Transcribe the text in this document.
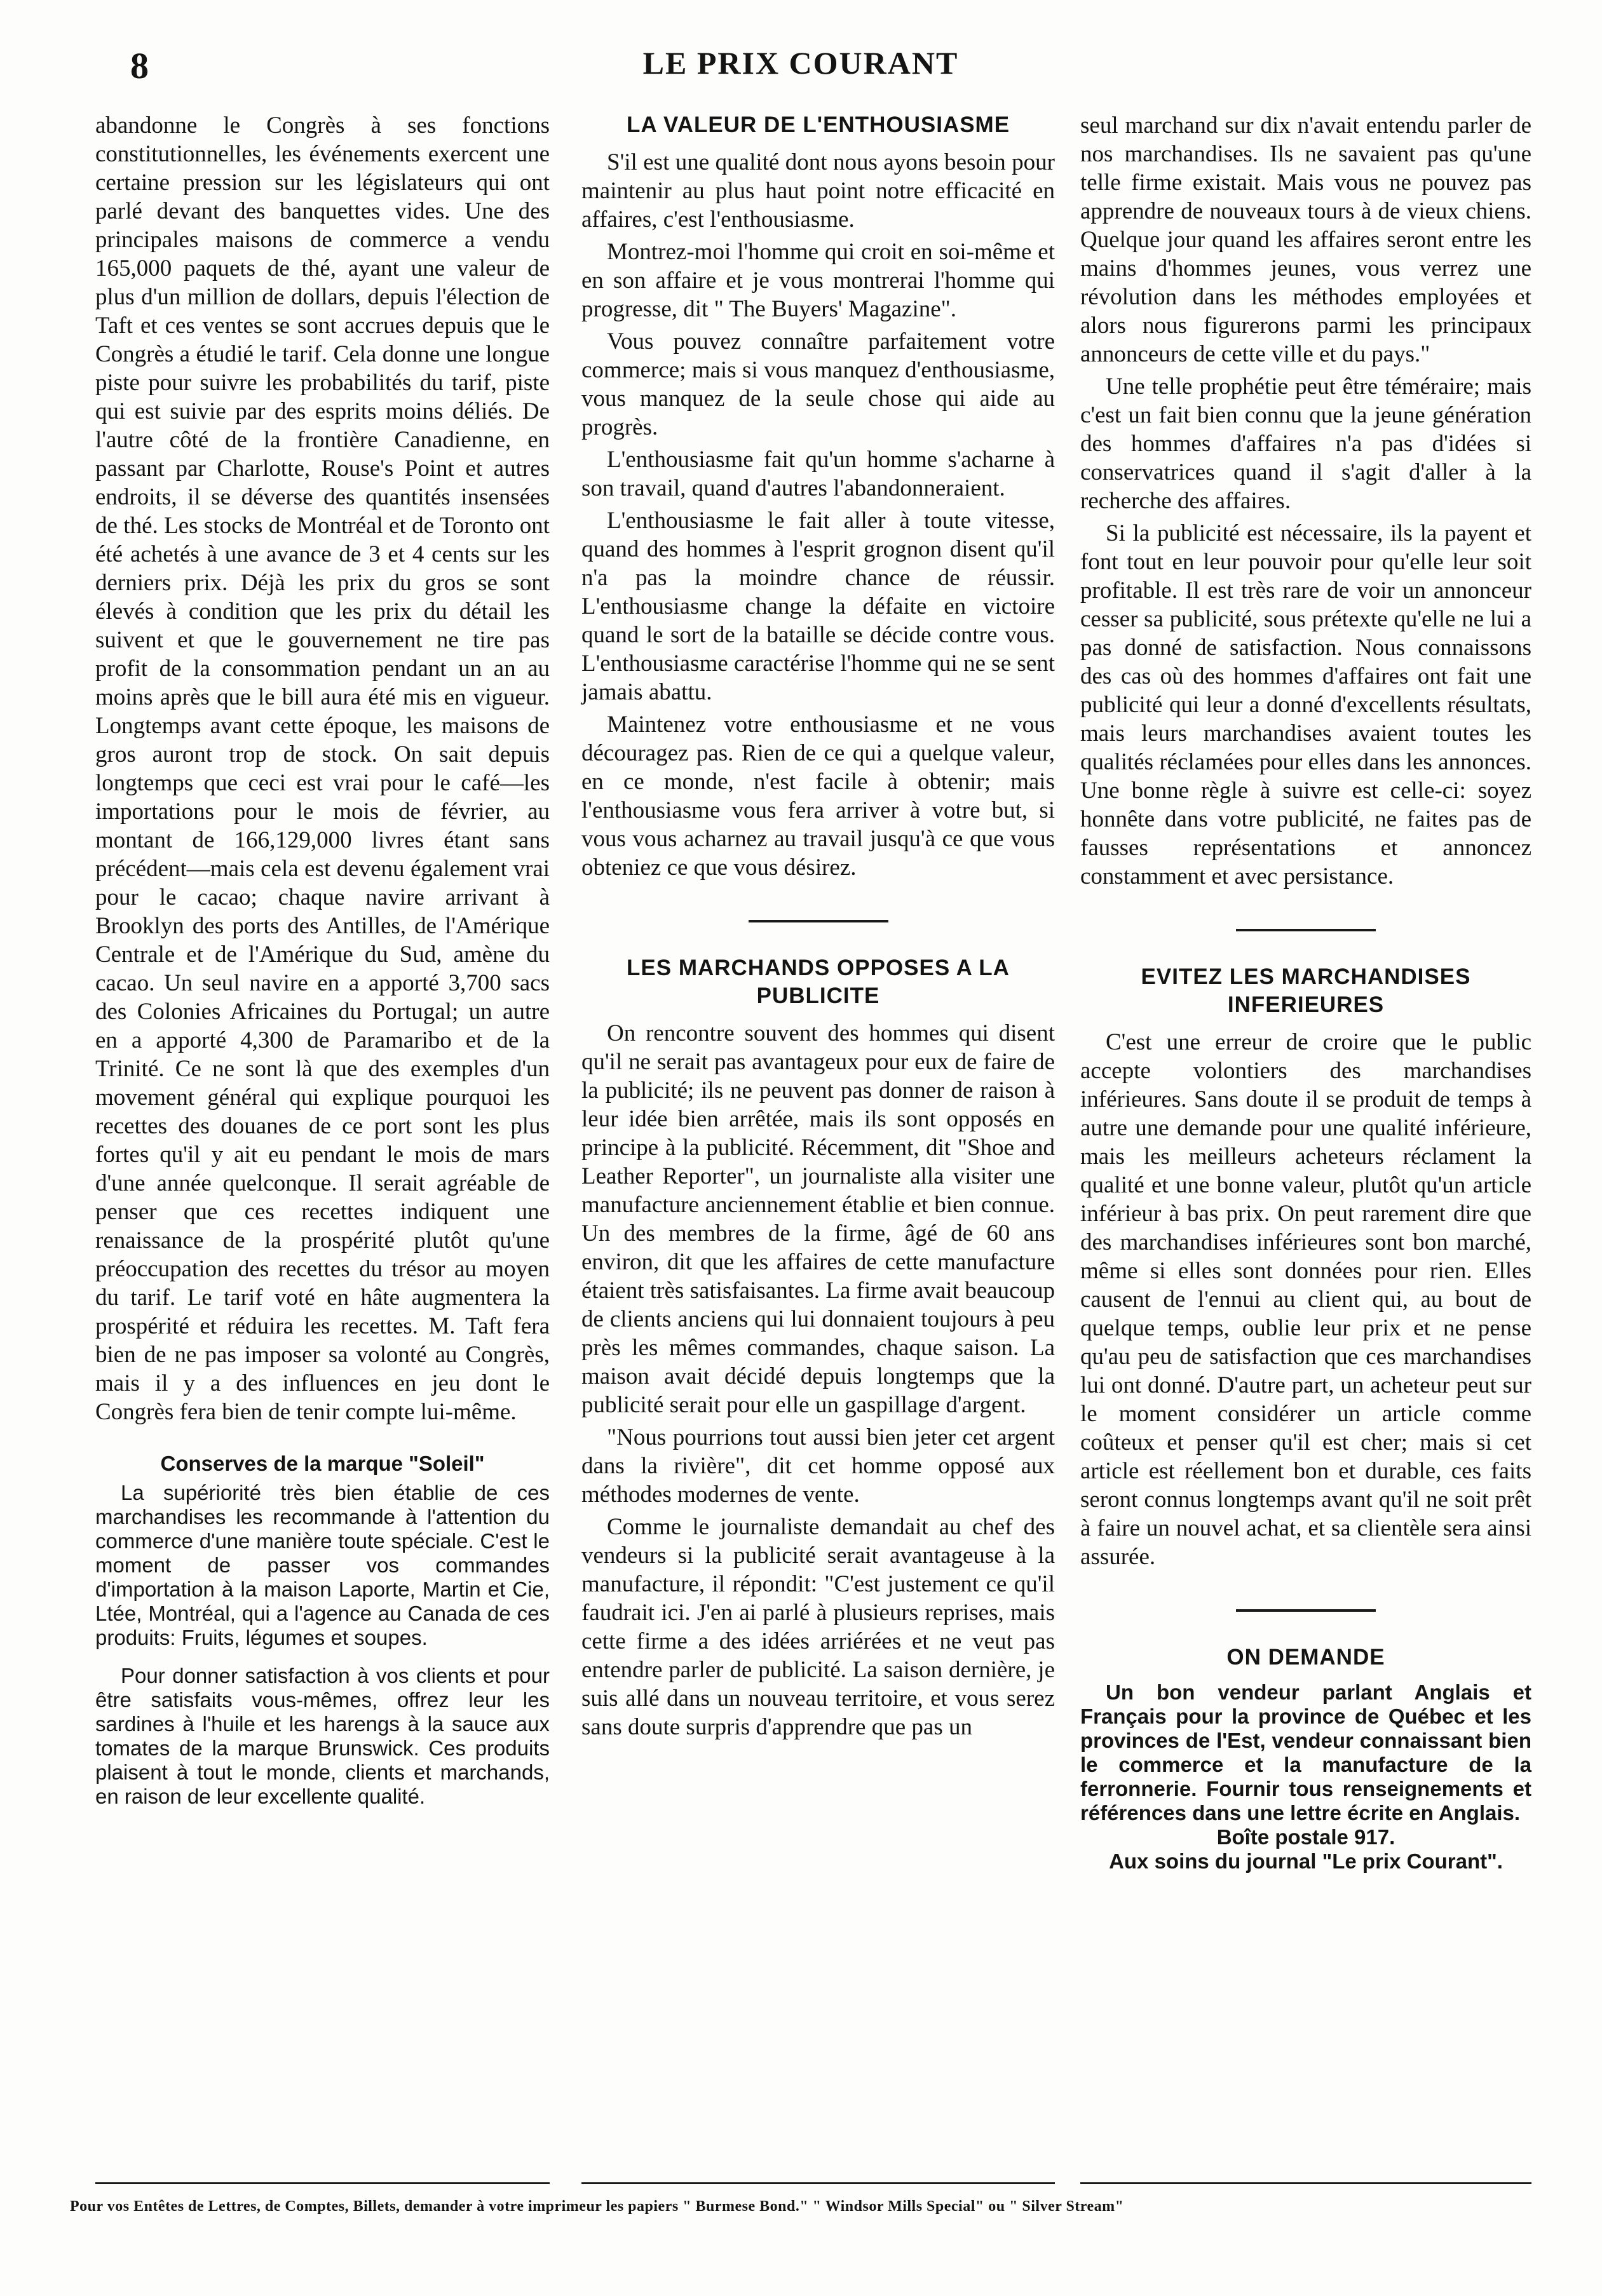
8	LE PRIX COURANT

abandonne le Congrès à ses fonctions constitutionnelles, les événements exercent une certaine pression sur les législateurs qui ont parlé devant des banquettes vides. Une des principales maisons de commerce a vendu 165,000 paquets de thé, ayant une valeur de plus d'un million de dollars, depuis l'élection de Taft et ces ventes se sont accrues depuis que le Congrès a étudié le tarif. Cela donne une longue piste pour suivre les probabilités du tarif, piste qui est suivie par des esprits moins déliés. De l'autre côté de la frontière Canadienne, en passant par Charlotte, Rouse's Point et autres endroits, il se déverse des quantités insensées de thé. Les stocks de Montréal et de Toronto ont été achetés à une avance de 3 et 4 cents sur les derniers prix. Déjà les prix du gros se sont élevés à condition que les prix du détail les suivent et que le gouvernement ne tire pas profit de la consommation pendant un an au moins après que le bill aura été mis en vigueur. Longtemps avant cette époque, les maisons de gros auront trop de stock. On sait depuis longtemps que ceci est vrai pour le café—les importations pour le mois de février, au montant de 166,129,000 livres étant sans précédent—mais cela est devenu également vrai pour le cacao; chaque navire arrivant à Brooklyn des ports des Antilles, de l'Amérique Centrale et de l'Amérique du Sud, amène du cacao. Un seul navire en a apporté 3,700 sacs des Colonies Africaines du Portugal; un autre en a apporté 4,300 de Paramaribo et de la Trinité. Ce ne sont là que des exemples d'un movement général qui explique pourquoi les recettes des douanes de ce port sont les plus fortes qu'il y ait eu pendant le mois de mars d'une année quelconque. Il serait agréable de penser que ces recettes indiquent une renaissance de la prospérité plutôt qu'une préoccupation des recettes du trésor au moyen du tarif. Le tarif voté en hâte augmentera la prospérité et réduira les recettes. M. Taft fera bien de ne pas imposer sa volonté au Congrès, mais il y a des influences en jeu dont le Congrès fera bien de tenir compte lui-même.

Conserves de la marque "Soleil"

La supériorité très bien établie de ces marchandises les recommande à l'attention du commerce d'une manière toute spéciale. C'est le moment de passer vos commandes d'importation à la maison Laporte, Martin et Cie, Ltée, Montréal, qui a l'agence au Canada de ces produits: Fruits, légumes et soupes.

Pour donner satisfaction à vos clients et pour être satisfaits vous-mêmes, offrez leur les sardines à l'huile et les harengs à la sauce aux tomates de la marque Brunswick. Ces produits plaisent à tout le monde, clients et marchands, en raison de leur excellente qualité.

LA VALEUR DE L'ENTHOUSIASME

S'il est une qualité dont nous ayons besoin pour maintenir au plus haut point notre efficacité en affaires, c'est l'enthousiasme.

Montrez-moi l'homme qui croit en soi-même et en son affaire et je vous montrerai l'homme qui progresse, dit " The Buyers' Magazine".

Vous pouvez connaître parfaitement votre commerce; mais si vous manquez d'enthousiasme, vous manquez de la seule chose qui aide au progrès.

L'enthousiasme fait qu'un homme s'acharne à son travail, quand d'autres l'abandonneraient.

L'enthousiasme le fait aller à toute vitesse, quand des hommes à l'esprit grognon disent qu'il n'a pas la moindre chance de réussir. L'enthousiasme change la défaite en victoire quand le sort de la bataille se décide contre vous. L'enthousiasme caractérise l'homme qui ne se sent jamais abattu.

Maintenez votre enthousiasme et ne vous découragez pas. Rien de ce qui a quelque valeur, en ce monde, n'est facile à obtenir; mais l'enthousiasme vous fera arriver à votre but, si vous vous acharnez au travail jusqu'à ce que vous obteniez ce que vous désirez.

LES MARCHANDS OPPOSES A LA PUBLICITE

On rencontre souvent des hommes qui disent qu'il ne serait pas avantageux pour eux de faire de la publicité; ils ne peuvent pas donner de raison à leur idée bien arrêtée, mais ils sont opposés en principe à la publicité. Récemment, dit "Shoe and Leather Reporter", un journaliste alla visiter une manufacture anciennement établie et bien connue. Un des membres de la firme, âgé de 60 ans environ, dit que les affaires de cette manufacture étaient très satisfaisantes. La firme avait beaucoup de clients anciens qui lui donnaient toujours à peu près les mêmes commandes, chaque saison. La maison avait décidé depuis longtemps que la publicité serait pour elle un gaspillage d'argent.

"Nous pourrions tout aussi bien jeter cet argent dans la rivière", dit cet homme opposé aux méthodes modernes de vente.

Comme le journaliste demandait au chef des vendeurs si la publicité serait avantageuse à la manufacture, il répondit: "C'est justement ce qu'il faudrait ici. J'en ai parlé à plusieurs reprises, mais cette firme a des idées arriérées et ne veut pas entendre parler de publicité. La saison dernière, je suis allé dans un nouveau territoire, et vous serez sans doute surpris d'apprendre que pas un

seul marchand sur dix n'avait entendu parler de nos marchandises. Ils ne savaient pas qu'une telle firme existait. Mais vous ne pouvez pas apprendre de nouveaux tours à de vieux chiens. Quelque jour quand les affaires seront entre les mains d'hommes jeunes, vous verrez une révolution dans les méthodes employées et alors nous figurerons parmi les principaux annonceurs de cette ville et du pays."

Une telle prophétie peut être téméraire; mais c'est un fait bien connu que la jeune génération des hommes d'affaires n'a pas d'idées si conservatrices quand il s'agit d'aller à la recherche des affaires.

Si la publicité est nécessaire, ils la payent et font tout en leur pouvoir pour qu'elle leur soit profitable. Il est très rare de voir un annonceur cesser sa publicité, sous prétexte qu'elle ne lui a pas donné de satisfaction. Nous connaissons des cas où des hommes d'affaires ont fait une publicité qui leur a donné d'excellents résultats, mais leurs marchandises avaient toutes les qualités réclamées pour elles dans les annonces. Une bonne règle à suivre est celle-ci: soyez honnête dans votre publicité, ne faites pas de fausses représentations et annoncez constamment et avec persistance.

EVITEZ LES MARCHANDISES INFERIEURES

C'est une erreur de croire que le public accepte volontiers des marchandises inférieures. Sans doute il se produit de temps à autre une demande pour une qualité inférieure, mais les meilleurs acheteurs réclament la qualité et une bonne valeur, plutôt qu'un article inférieur à bas prix. On peut rarement dire que des marchandises inférieures sont bon marché, même si elles sont données pour rien. Elles causent de l'ennui au client qui, au bout de quelque temps, oublie leur prix et ne pense qu'au peu de satisfaction que ces marchandises lui ont donné. D'autre part, un acheteur peut sur le moment considérer un article comme coûteux et penser qu'il est cher; mais si cet article est réellement bon et durable, ces faits seront connus longtemps avant qu'il ne soit prêt à faire un nouvel achat, et sa clientèle sera ainsi assurée.

ON DEMANDE

Un bon vendeur parlant Anglais et Français pour la province de Québec et les provinces de l'Est, vendeur connaissant bien le commerce et la manufacture de la ferronnerie. Fournir tous renseignements et références dans une lettre écrite en Anglais.

Boîte postale 917.

Aux soins du journal "Le prix Courant".

Pour vos Entêtes de Lettres, de Comptes, Billets, demander à votre imprimeur les papiers " Burmese Bond." " Windsor Mills Special" ou " Silver Stream"
